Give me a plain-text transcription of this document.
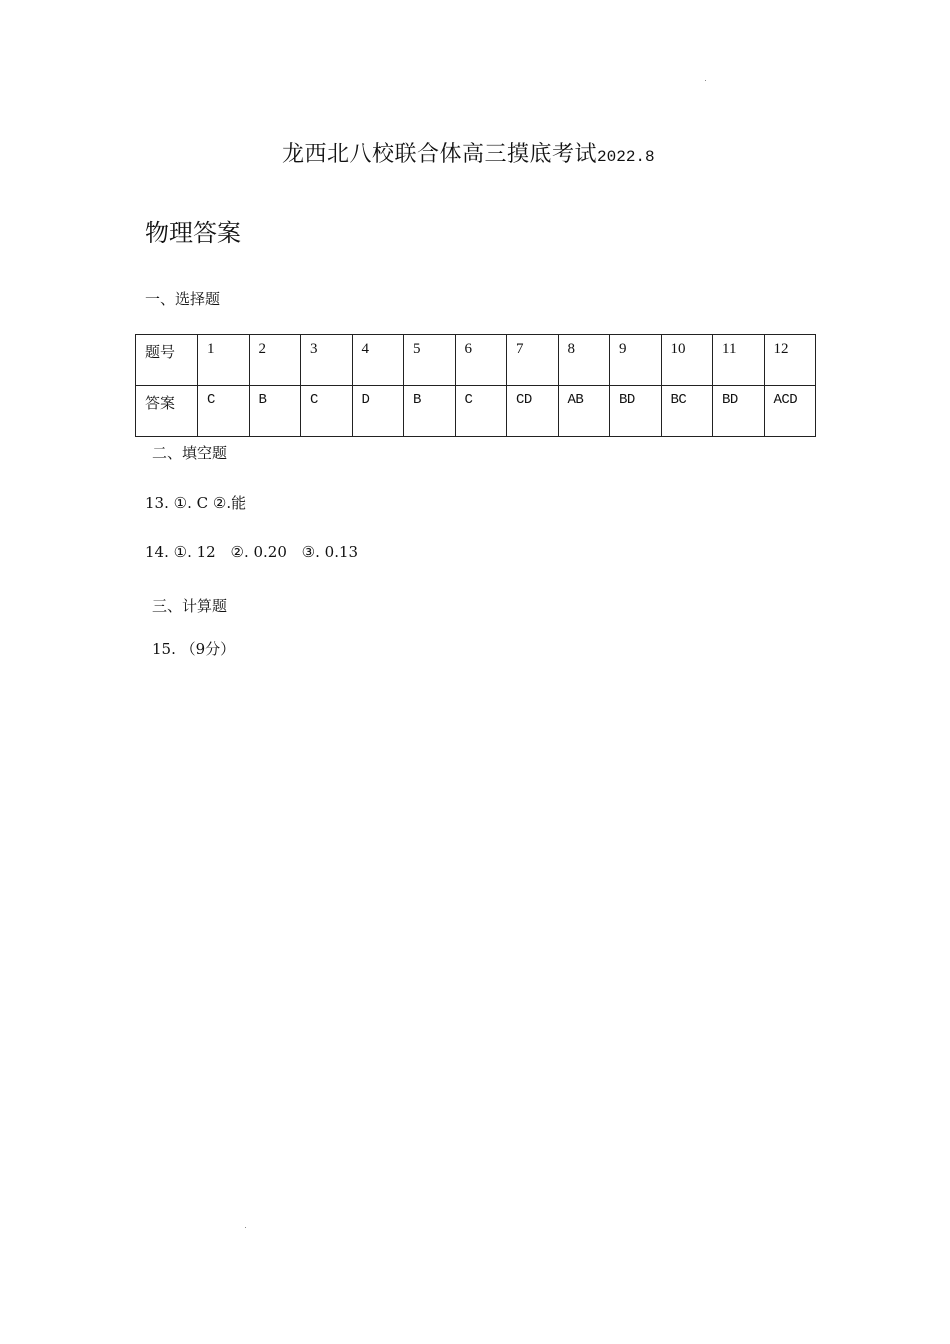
龙西北八校联合体高三摸底考试2022.8
物理答案
一、选择题
题号	1	2	3	4	5	6	7	8	9	10	11	12
答案	C	B	C	D	B	C	CD	AB	BD	BC	BD	ACD
二、填空题
13. ①. C ②.能
14. ①. 12 ②. 0.20 ③. 0.13
三、计算题
15. （9分）
